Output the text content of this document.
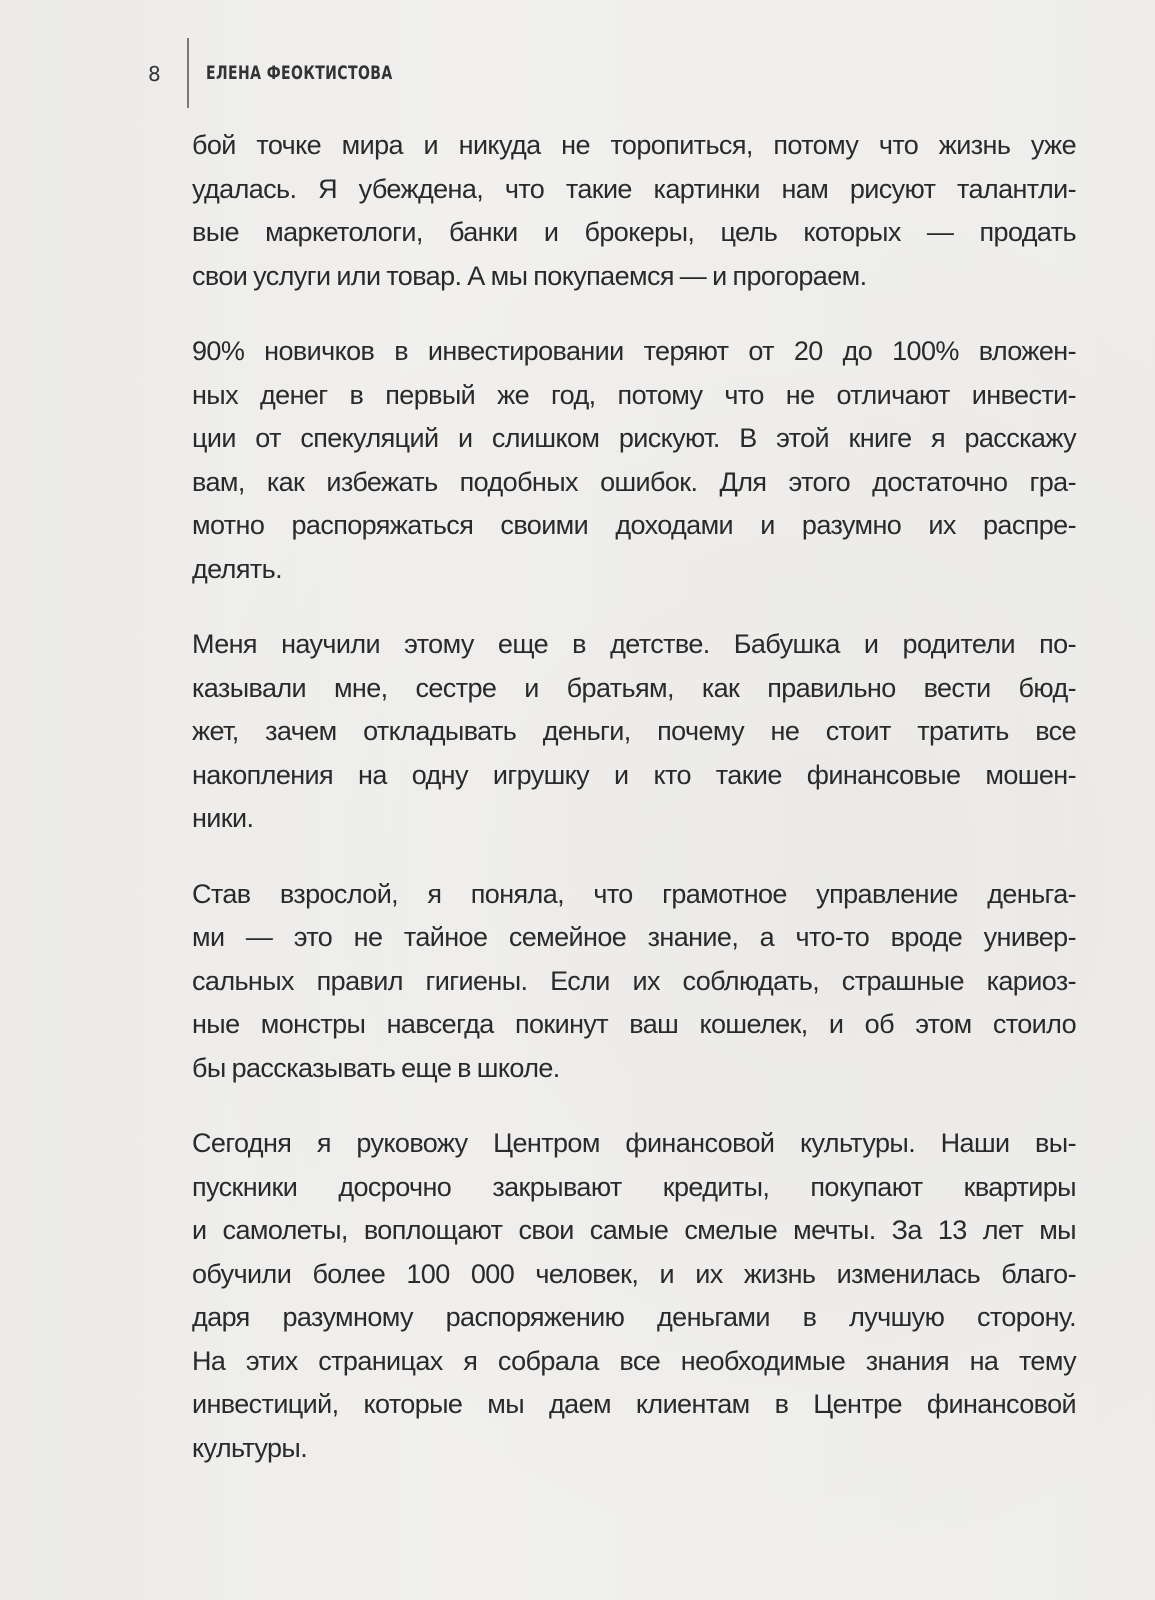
8 ЕЛЕНА ФЕОКТИСТОВА

бой точке мира и никуда не торопиться, потому что жизнь уже
удалась. Я убеждена, что такие картинки нам рисуют талантли-
вые маркетологи, банки и брокеры, цель которых — продать
свои услуги или товар. А мы покупаемся — и прогораем.

90% новичков в инвестировании теряют от 20 до 100% вложен-
ных денег в первый же год, потому что не отличают инвести-
ции от спекуляций и слишком рискуют. В этой книге я расскажу
вам, как избежать подобных ошибок. Для этого достаточно гра-
мотно распоряжаться своими доходами и разумно их распре-
делять.

Меня научили этому еще в детстве. Бабушка и родители по-
казывали мне, сестре и братьям, как правильно вести бюд-
жет, зачем откладывать деньги, почему не стоит тратить все
накопления на одну игрушку и кто такие финансовые мошен-
ники.

Став взрослой, я поняла, что грамотное управление деньга-
ми — это не тайное семейное знание, а что-то вроде универ-
сальных правил гигиены. Если их соблюдать, страшные кариоз-
ные монстры навсегда покинут ваш кошелек, и об этом стоило
бы рассказывать еще в школе.

Сегодня я руковожу Центром финансовой культуры. Наши вы-
пускники досрочно закрывают кредиты, покупают квартиры
и самолеты, воплощают свои самые смелые мечты. За 13 лет мы
обучили более 100 000 человек, и их жизнь изменилась благо-
даря разумному распоряжению деньгами в лучшую сторону.
На этих страницах я собрала все необходимые знания на тему
инвестиций, которые мы даем клиентам в Центре финансовой
культуры.
